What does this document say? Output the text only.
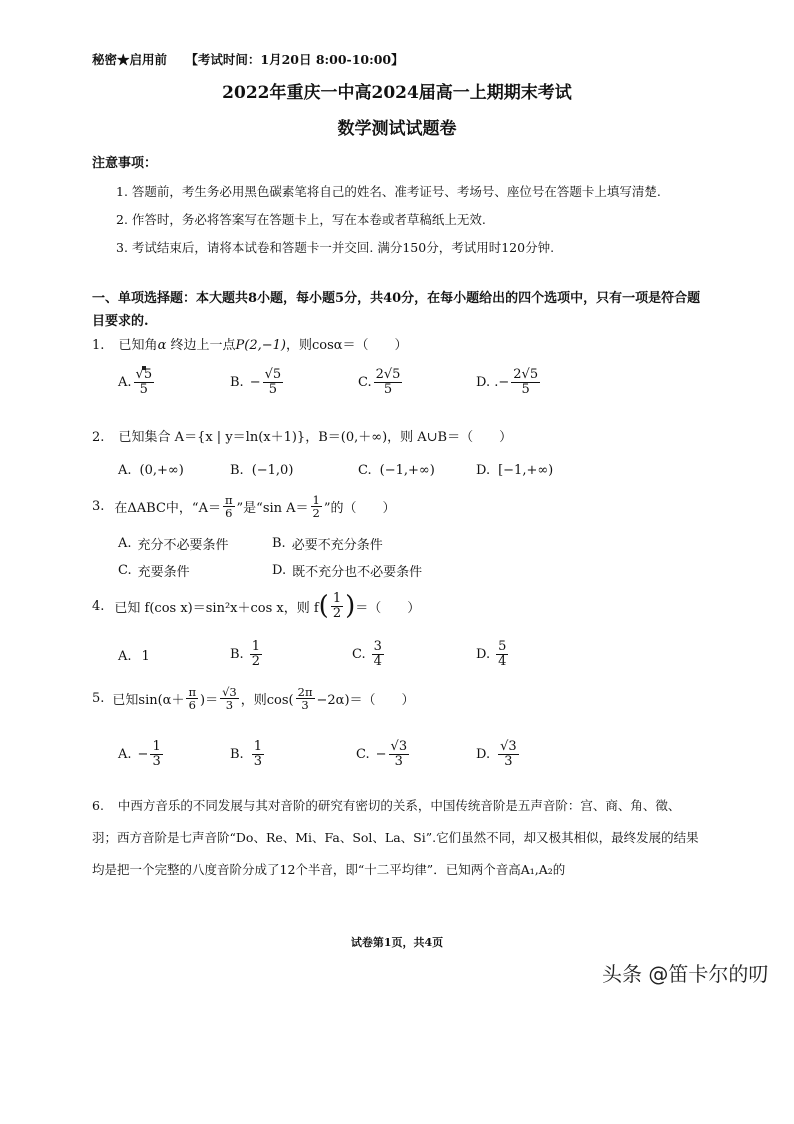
秘密★启用前 【考试时间：1月20日 8:00-10:00】
2022年重庆一中高2024届高一上期期末考试
数学测试试题卷
注意事项：
1. 答题前，考生务必用黑色碳素笔将自己的姓名、准考证号、考场号、座位号在答题卡上填写清楚.
2. 作答时，务必将答案写在答题卡上，写在本卷或者草稿纸上无效.
3. 考试结束后，请将本试卷和答题卡一并交回. 满分150分，考试用时120分钟.
一、单项选择题：本大题共8小题，每小题5分，共40分，在每小题给出的四个选项中，只有一项是符合题目要求的.
1. 已知角α 终边上一点P(2,−1)，则cosα＝（　　）
A. $\frac{√5}{5}$	B. − $\frac{√5}{5}$	C. $\frac{2√5}{5}$	D. . − $\frac{2√5}{5}$
2. 已知集合 A＝{x | y＝ln(x＋1)}，B＝(0,＋∞)，则 A∪B＝（　　）
A. (0,+∞)	B. (−1,0)	C. (−1,+∞)	D. [−1,+∞)
3. 在ΔABC中，“$A= \frac{\pi}{6}$ ”是“sin $A= \frac{1}{2}$ ”的（　　）
A. 充分不必要条件	B. 必要不充分条件
C. 充要条件	D. 既不充分也不必要条件
4. 已知 f(cos x)＝sin²x＋cos x，则 f ( $\frac{1}{2}$ ) ＝（　　）
A. 1	B. $\frac{1}{2}$	C. $\frac{3}{4}$	D. $\frac{5}{4}$
5. 已知$\sin(\alpha+ \frac{\pi}{6}$ )＝ $\frac{√3}{3}$ ，则$\cos( \frac{2\pi}{3} -2\alpha)=$（　　）
A. − $\frac{1}{3}$	B. $\frac{1}{3}$	C. − $\frac{√3}{3}$	D. $\frac{√3}{3}$
6. 中西方音乐的不同发展与其对音阶的研究有密切的关系，中国传统音阶是五声音阶：宫、商、角、徵、羽；西方音阶是七声音阶“Do、Re、Mi、Fa、Sol、La、Si”.它们虽然不同，却又极其相似，最终发展的结果均是把一个完整的八度音阶分成了12个半音，即“十二平均律”．已知两个音高A₁,A₂的
试卷第1页，共4页
头条 @笛卡尔的叨
